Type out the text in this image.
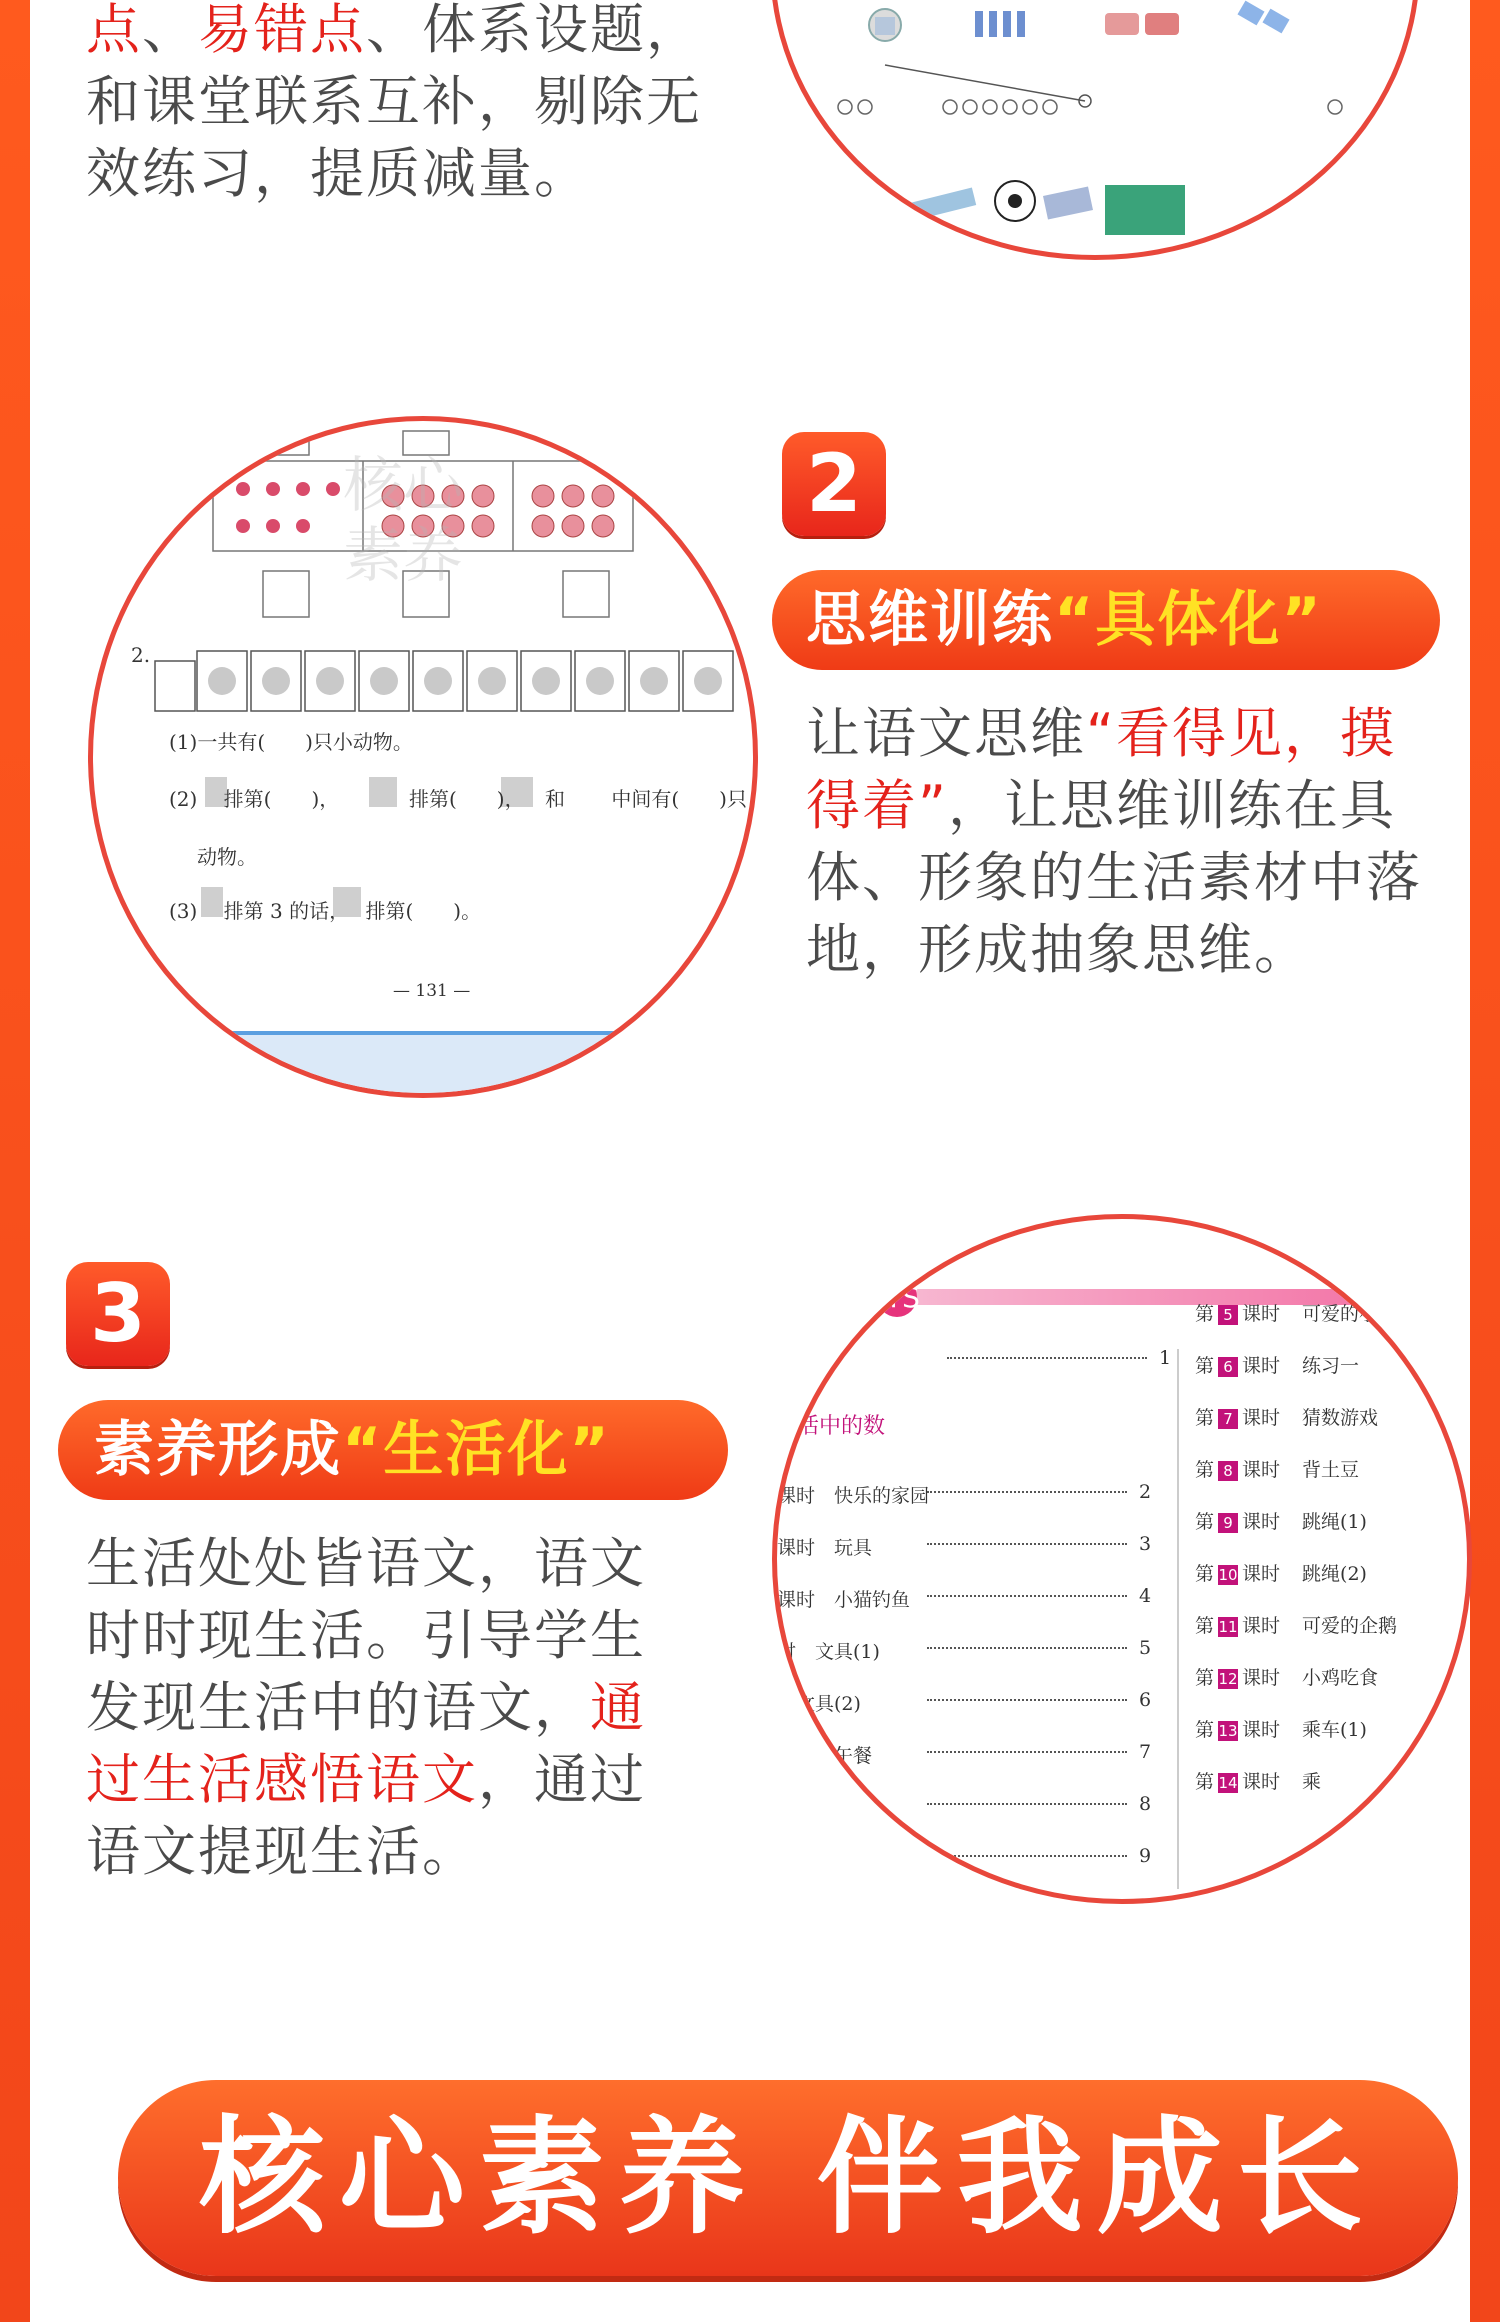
点、易错点、体系设题，
和课堂联系互补，剔除无
效练习，提质减量。
核心素养
2.
(1)一共有(　　)只小动物。
(2)　 排第(　　)，	排第(　　)， 和　　 中间有(　　)只
动物。
(3)　 排第 3 的话，　 排第(　　)。
— 131 —
2
思维训练“具体化”
让语文思维“看得见，摸
得着”，让思维训练在具
体、形象的生活素材中落
地，形成抽象思维。
3
素养形成“生活化”
生活处处皆语文，语文
时时现生活。引导学生
发现生活中的语文，通
过生活感悟语文，通过
语文提现生活。
TS
园	1
活中的数
课时　快乐的家园	2
课时　玩具	3
课时　小猫钓鱼	4
时　文具(1)	5
　文具(2)	6
快乐的午餐	7
园	8
9
第 5 课时 可爱的小
第 6 课时 练习一
第 7 课时 猜数游戏
第 8 课时 背土豆
第 9 课时 跳绳(1)
第 10 课时 跳绳(2)
第 11 课时 可爱的企鹅
第 12 课时 小鸡吃食
第 13 课时 乘车(1)
第 14 课时 乘
核心素养 伴我成长
